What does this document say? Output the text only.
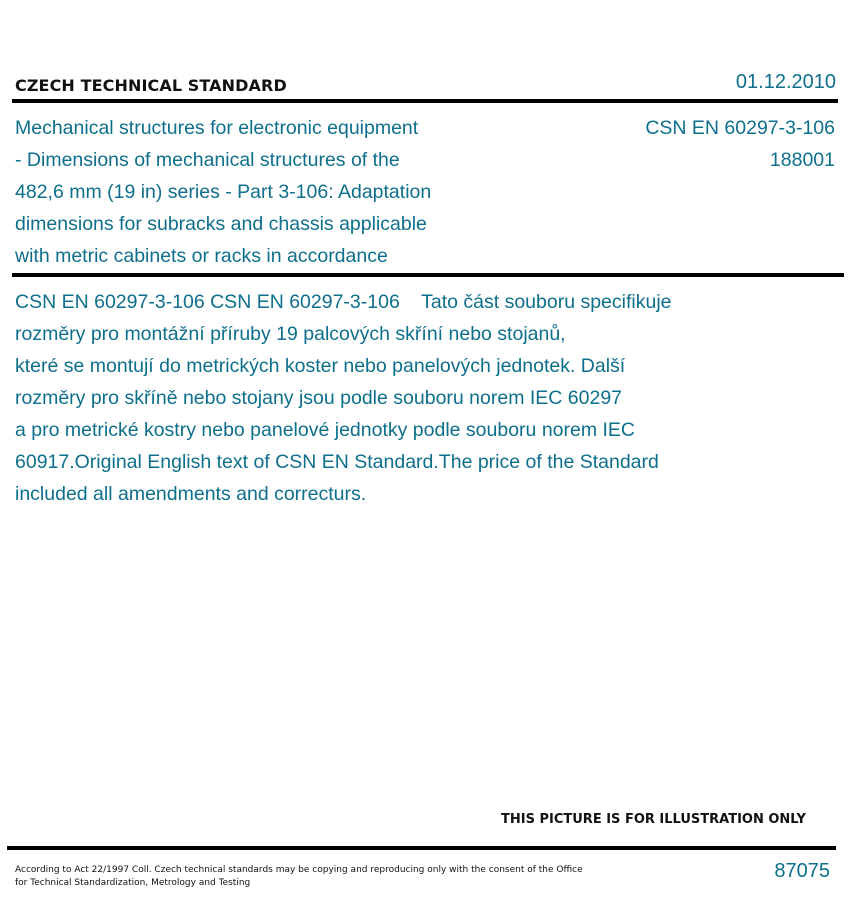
CZECH TECHNICAL STANDARD	01.12.2010
Mechanical structures for electronic equipment
- Dimensions of mechanical structures of the
482,6 mm (19 in) series - Part 3-106: Adaptation
dimensions for subracks and chassis applicable
with metric cabinets or racks in accordance
CSN EN 60297-3-106
188001

CSN EN 60297-3-106 CSN EN 60297-3-106    Tato část souboru specifikuje

rozměry pro montážní příruby 19 palcových skříní nebo stojanů,

které se montují do metrických koster nebo panelových jednotek. Další

rozměry pro skříně nebo stojany jsou podle souboru norem IEC 60297

a pro metrické kostry nebo panelové jednotky podle souboru norem IEC

60917.Original English text of CSN EN Standard.The price of the Standard

included all amendments and correcturs.

THIS PICTURE IS FOR ILLUSTRATION ONLY
According to Act 22/1997 Coll. Czech technical standards may be copying and reproducing only with the consent of the Office
for Technical Standardization, Metrology and Testing
87075
